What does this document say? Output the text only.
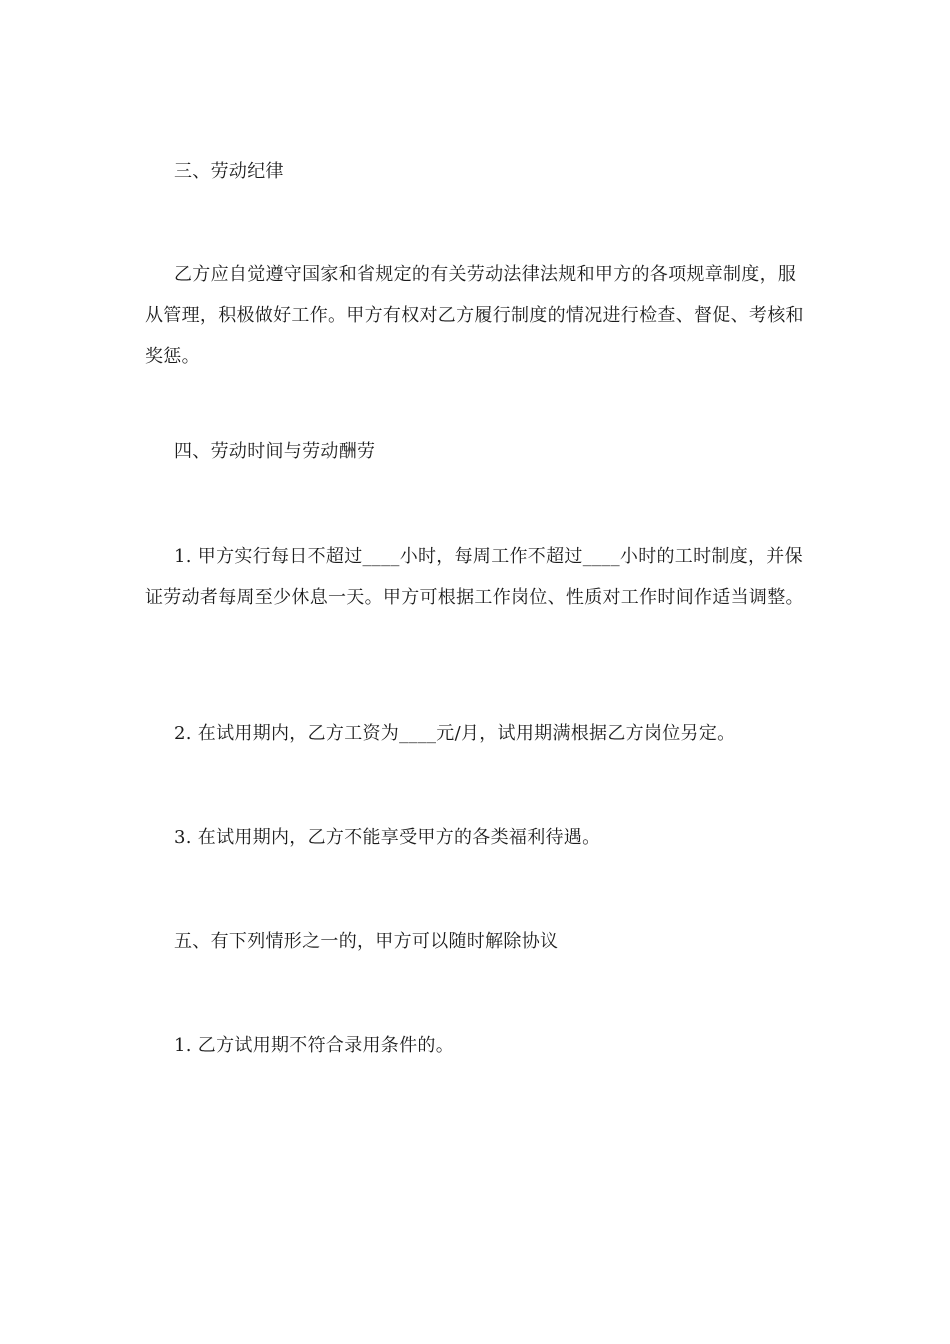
三、劳动纪律

乙方应自觉遵守国家和省规定的有关劳动法律法规和甲方的各项规章制度，服从管理，积极做好工作。甲方有权对乙方履行制度的情况进行检查、督促、考核和奖惩。

四、劳动时间与劳动酬劳

1. 甲方实行每日不超过____小时，每周工作不超过____小时的工时制度，并保证劳动者每周至少休息一天。甲方可根据工作岗位、性质对工作时间作适当调整。

2. 在试用期内，乙方工资为____元/月，试用期满根据乙方岗位另定。

3. 在试用期内，乙方不能享受甲方的各类福利待遇。

五、有下列情形之一的，甲方可以随时解除协议

1. 乙方试用期不符合录用条件的。
